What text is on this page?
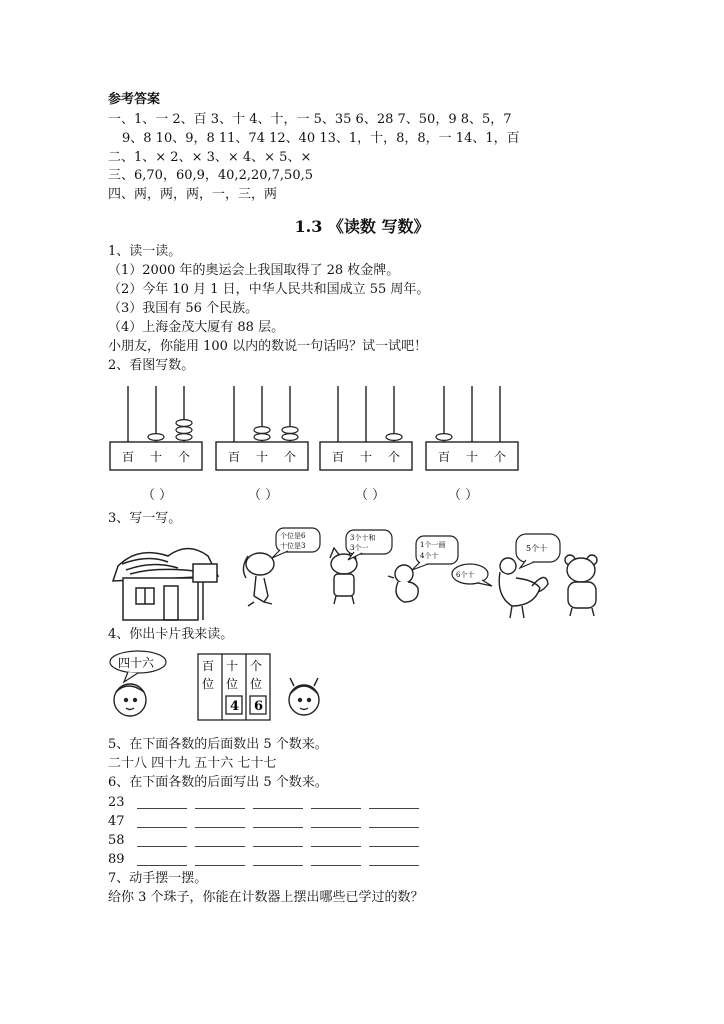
参考答案
一、1、一 2、百 3、十 4、十，一 5、35 6、28 7、50，9 8、5，7
9、8 10、9，8 11、74 12、40 13、1，十，8，8，一 14、1，百
二、1、× 2、× 3、× 4、× 5、×
三、6,70，60,9，40,2,20,7,50,5
四、两，两，两，一，三，两
1.3 《读数 写数》
1、读一读。
（1）2000 年的奥运会上我国取得了 28 枚金牌。
（2）今年 10 月 1 日，中华人民共和国成立 55 周年。
（3）我国有 56 个民族。
（4）上海金茂大厦有 88 层。
小朋友，你能用 100 以内的数说一句话吗？试一试吧！
2、看图写数。
百 十 个	百 十 个	百 十 个	百 十 个
（ ）	（ ）	（ ）	（ ）
3、写一写。
个位是6
十位是3
3个十和
3个一	1个一画
4个十
6个十
5个十
4、你出卡片我来读。
四十六	百
位
十
位
个
位
4 6
5、在下面各数的后面数出 5 个数来。
二十八 四十九 五十六 七十七
6、在下面各数的后面写出 5 个数来。
23
47
58
89
7、动手摆一摆。
给你 3 个珠子，你能在计数器上摆出哪些已学过的数？
